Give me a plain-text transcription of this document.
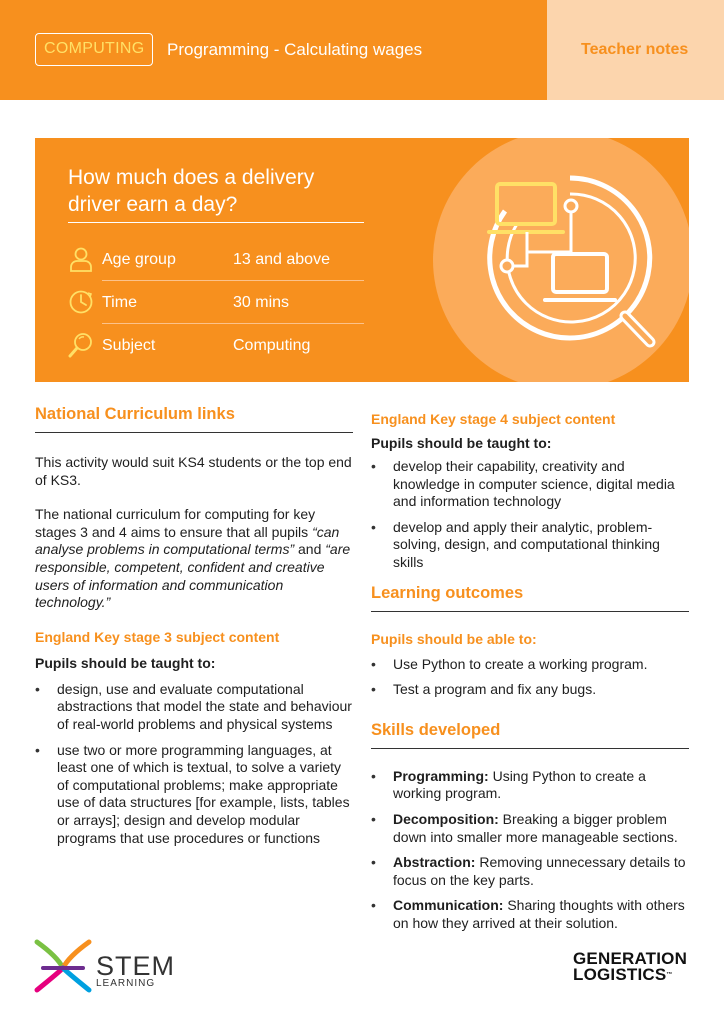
COMPUTING	Programming - Calculating wages	Teacher notes
How much does a delivery driver earn a day?
Age group	13 and above
Time	30 mins
Subject	Computing
National Curriculum links

This activity would suit KS4 students or the top end of KS3.

The national curriculum for computing for key stages 3 and 4 aims to ensure that all pupils “can analyse problems in computational terms” and “are responsible, competent, confident and creative users of information and communication technology.”

England Key stage 3 subject content
Pupils should be taught to:
• design, use and evaluate computational abstractions that model the state and behaviour of real-world problems and physical systems
• use two or more programming languages, at least one of which is textual, to solve a variety of computational problems; make appropriate use of data structures [for example, lists, tables or arrays]; design and develop modular programs that use procedures or functions
England Key stage 4 subject content
Pupils should be taught to:
• develop their capability, creativity and knowledge in computer science, digital media and information technology
• develop and apply their analytic, problem-solving, design, and computational thinking skills
Learning outcomes
Pupils should be able to:
• Use Python to create a working program.
• Test a program and fix any bugs.
Skills developed
• Programming: Using Python to create a working program.
• Decomposition: Breaking a bigger problem down into smaller more manageable sections.
• Abstraction: Removing unnecessary details to focus on the key parts.
• Communication: Sharing thoughts with others on how they arrived at their solution.
STEM
LEARNING
GENERATION
LOGISTICS™
